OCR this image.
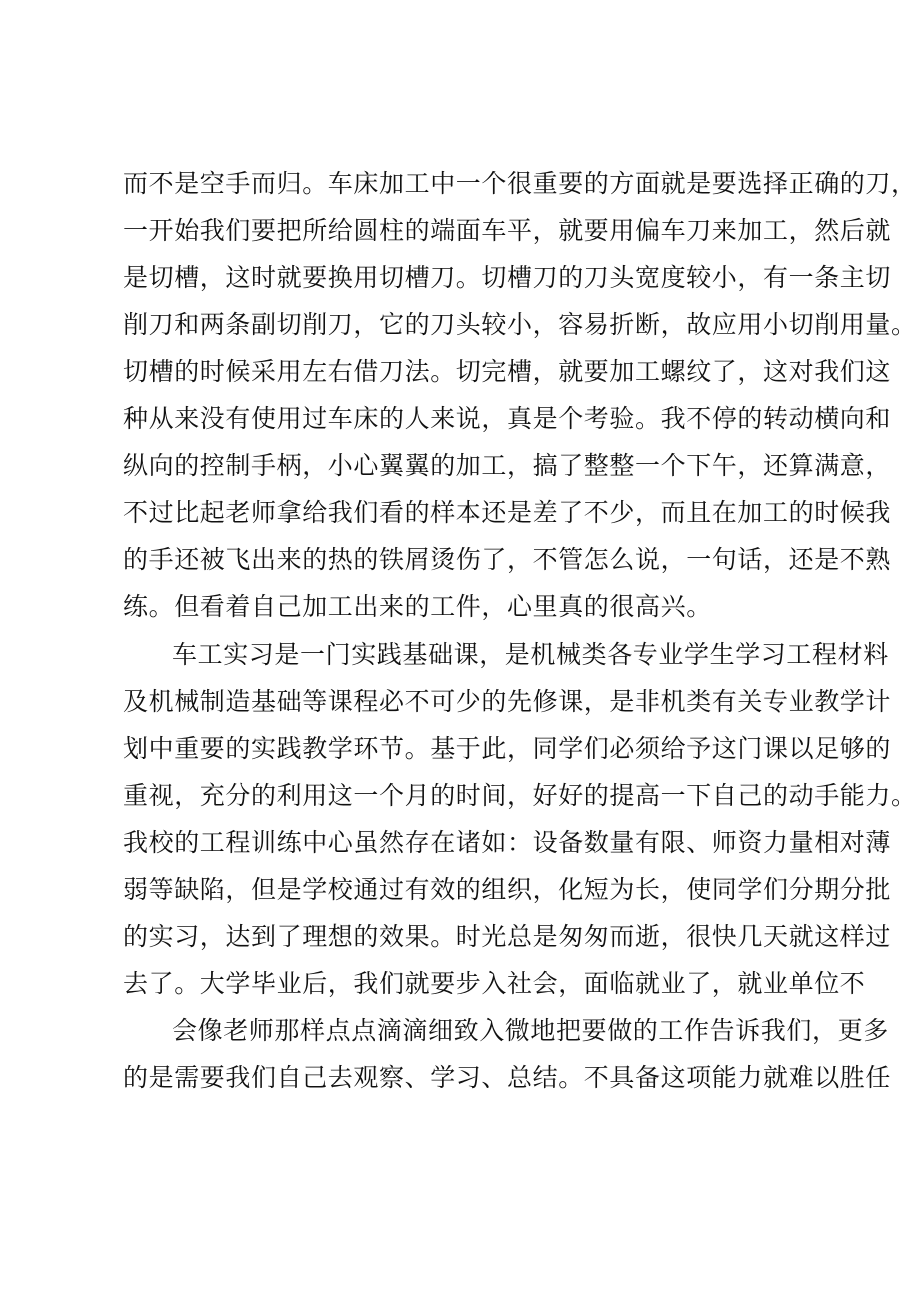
而不是空手而归。车床加工中一个很重要的方面就是要选择正确的刀，
一开始我们要把所给圆柱的端面车平，就要用偏车刀来加工，然后就
是切槽，这时就要换用切槽刀。切槽刀的刀头宽度较小，有一条主切
削刀和两条副切削刀，它的刀头较小，容易折断，故应用小切削用量。
切槽的时候采用左右借刀法。切完槽，就要加工螺纹了，这对我们这
种从来没有使用过车床的人来说，真是个考验。我不停的转动横向和
纵向的控制手柄，小心翼翼的加工，搞了整整一个下午，还算满意，
不过比起老师拿给我们看的样本还是差了不少，而且在加工的时候我
的手还被飞出来的热的铁屑烫伤了，不管怎么说，一句话，还是不熟
练。但看着自己加工出来的工件，心里真的很高兴。
车工实习是一门实践基础课，是机械类各专业学生学习工程材料
及机械制造基础等课程必不可少的先修课，是非机类有关专业教学计
划中重要的实践教学环节。基于此，同学们必须给予这门课以足够的
重视，充分的利用这一个月的时间，好好的提高一下自己的动手能力。
我校的工程训练中心虽然存在诸如：设备数量有限、师资力量相对薄
弱等缺陷，但是学校通过有效的组织，化短为长，使同学们分期分批
的实习，达到了理想的效果。时光总是匆匆而逝，很快几天就这样过
去了。大学毕业后，我们就要步入社会，面临就业了，就业单位不
会像老师那样点点滴滴细致入微地把要做的工作告诉我们，更多
的是需要我们自己去观察、学习、总结。不具备这项能力就难以胜任
